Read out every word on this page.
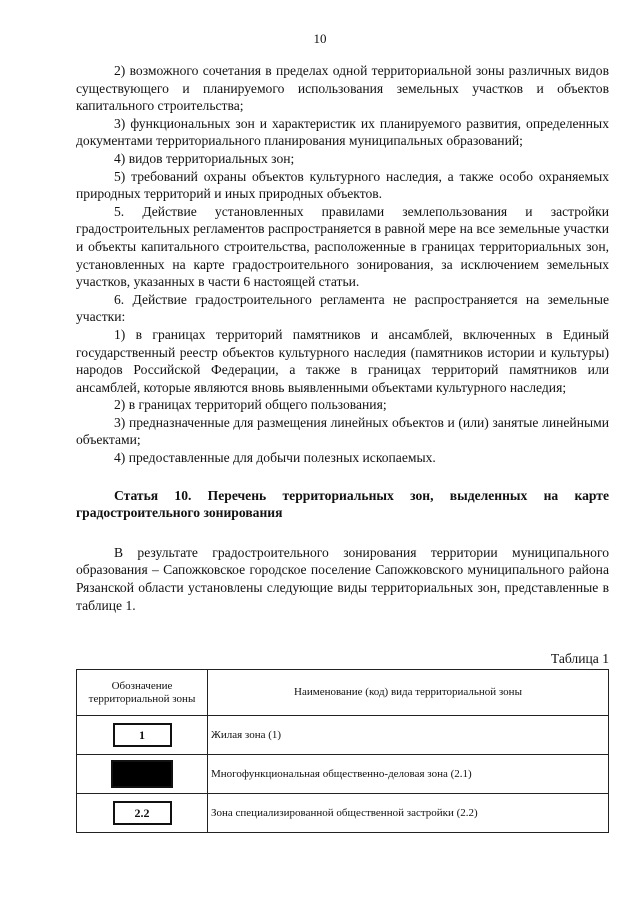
10

2) возможного сочетания в пределах одной территориальной зоны различных видов существующего и планируемого использования земельных участков и объектов капитального строительства;

3) функциональных зон и характеристик их планируемого развития, определенных документами территориального планирования муниципальных образований;

4) видов территориальных зон;

5) требований охраны объектов культурного наследия, а также особо охраняемых природных территорий и иных природных объектов.

5. Действие установленных правилами землепользования и застройки градостроительных регламентов распространяется в равной мере на все земельные участки и объекты капитального строительства, расположенные в границах территориальных зон, установленных на карте градостроительного зонирования, за исключением земельных участков, указанных в части 6 настоящей статьи.

6. Действие градостроительного регламента не распространяется на земельные участки:

1) в границах территорий памятников и ансамблей, включенных в Единый государственный реестр объектов культурного наследия (памятников истории и культуры) народов Российской Федерации, а также в границах территорий памятников или ансамблей, которые являются вновь выявленными объектами культурного наследия;

2) в границах территорий общего пользования;

3) предназначенные для размещения линейных объектов и (или) занятые линейными объектами;

4) предоставленные для добычи полезных ископаемых.

Статья 10. Перечень территориальных зон, выделенных на карте градостроительного зонирования

В результате градостроительного зонирования территории муниципального образования – Сапожковское городское поселение Сапожковского муниципального района Рязанской области установлены следующие виды территориальных зон, представленные в таблице 1.

Таблица 1
Обозначение территориальной зоны	Наименование (код) вида территориальной зоны
1	Жилая зона (1)
	Многофункциональная общественно-деловая зона (2.1)
2.2	Зона специализированной общественной застройки (2.2)
